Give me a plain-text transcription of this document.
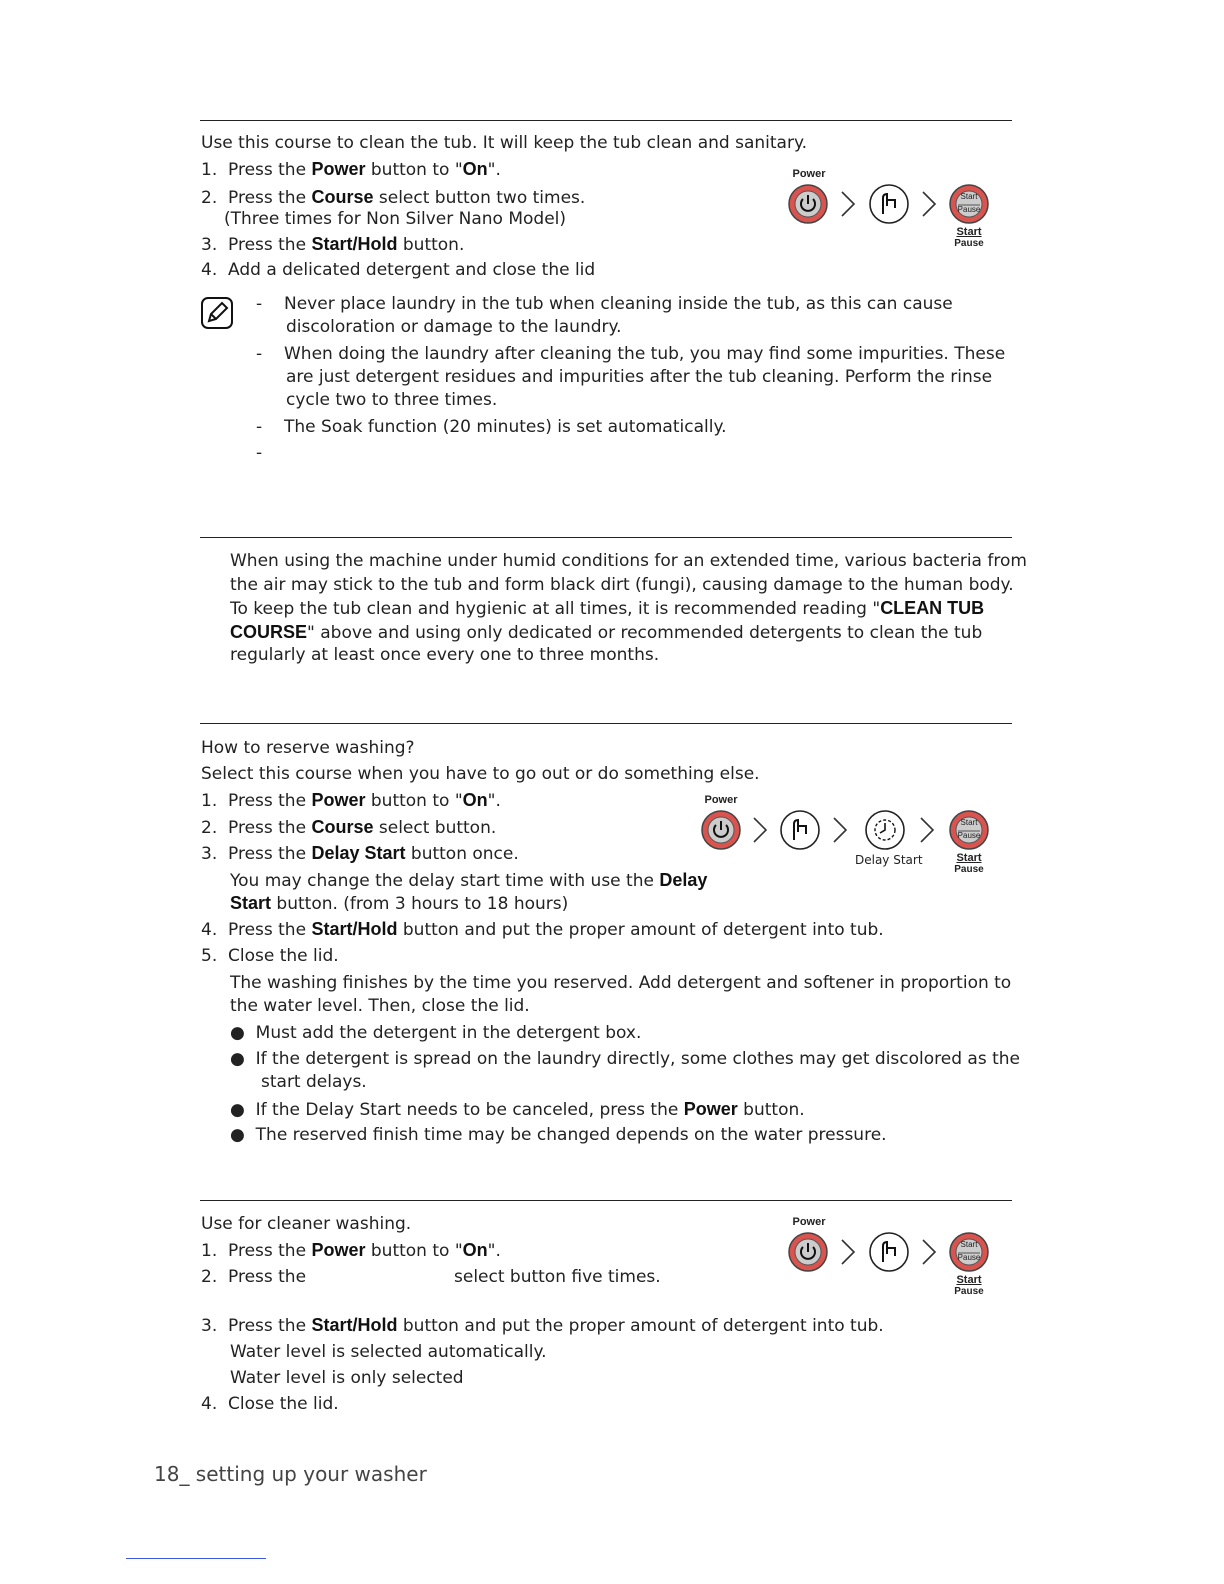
Use this course to clean the tub. It will keep the tub clean and sanitary.
1. Press the Power button to "On".
2. Press the Course select button two times.
(Three times for Non Silver Nano Model)
3. Press the Start/Hold button.
4. Add a delicated detergent and close the lid
Power
Start
Pause
Start
Pause
- Never place laundry in the tub when cleaning inside the tub, as this can cause
discoloration or damage to the laundry.
- When doing the laundry after cleaning the tub, you may find some impurities. These
are just detergent residues and impurities after the tub cleaning. Perform the rinse
cycle two to three times.
- The Soak function (20 minutes) is set automatically.
-
When using the machine under humid conditions for an extended time, various bacteria from
the air may stick to the tub and form black dirt (fungi), causing damage to the human body.
To keep the tub clean and hygienic at all times, it is recommended reading "CLEAN TUB
COURSE" above and using only dedicated or recommended detergents to clean the tub
regularly at least once every one to three months.
How to reserve washing?
Select this course when you have to go out or do something else.
1. Press the Power button to "On".
2. Press the Course select button.
3. Press the Delay Start button once.
You may change the delay start time with use the Delay
Start button. (from 3 hours to 18 hours)
4. Press the Start/Hold button and put the proper amount of detergent into tub.
5. Close the lid.
The washing finishes by the time you reserved. Add detergent and softener in proportion to
the water level. Then, close the lid.
●  Must add the detergent in the detergent box.
●  If the detergent is spread on the laundry directly, some clothes may get discolored as the
start delays.
●  If the Delay Start needs to be canceled, press the Power button.
●  The reserved finish time may be changed depends on the water pressure.
Power
Start
Pause
Delay Start	Start
Pause
Use for cleaner washing.
1. Press the Power button to "On".
2. Press the	select button five times.
3. Press the Start/Hold button and put the proper amount of detergent into tub.
Water level is selected automatically.
Water level is only selected
4. Close the lid.
Power
Start
Pause
Start
Pause
18_ setting up your washer
